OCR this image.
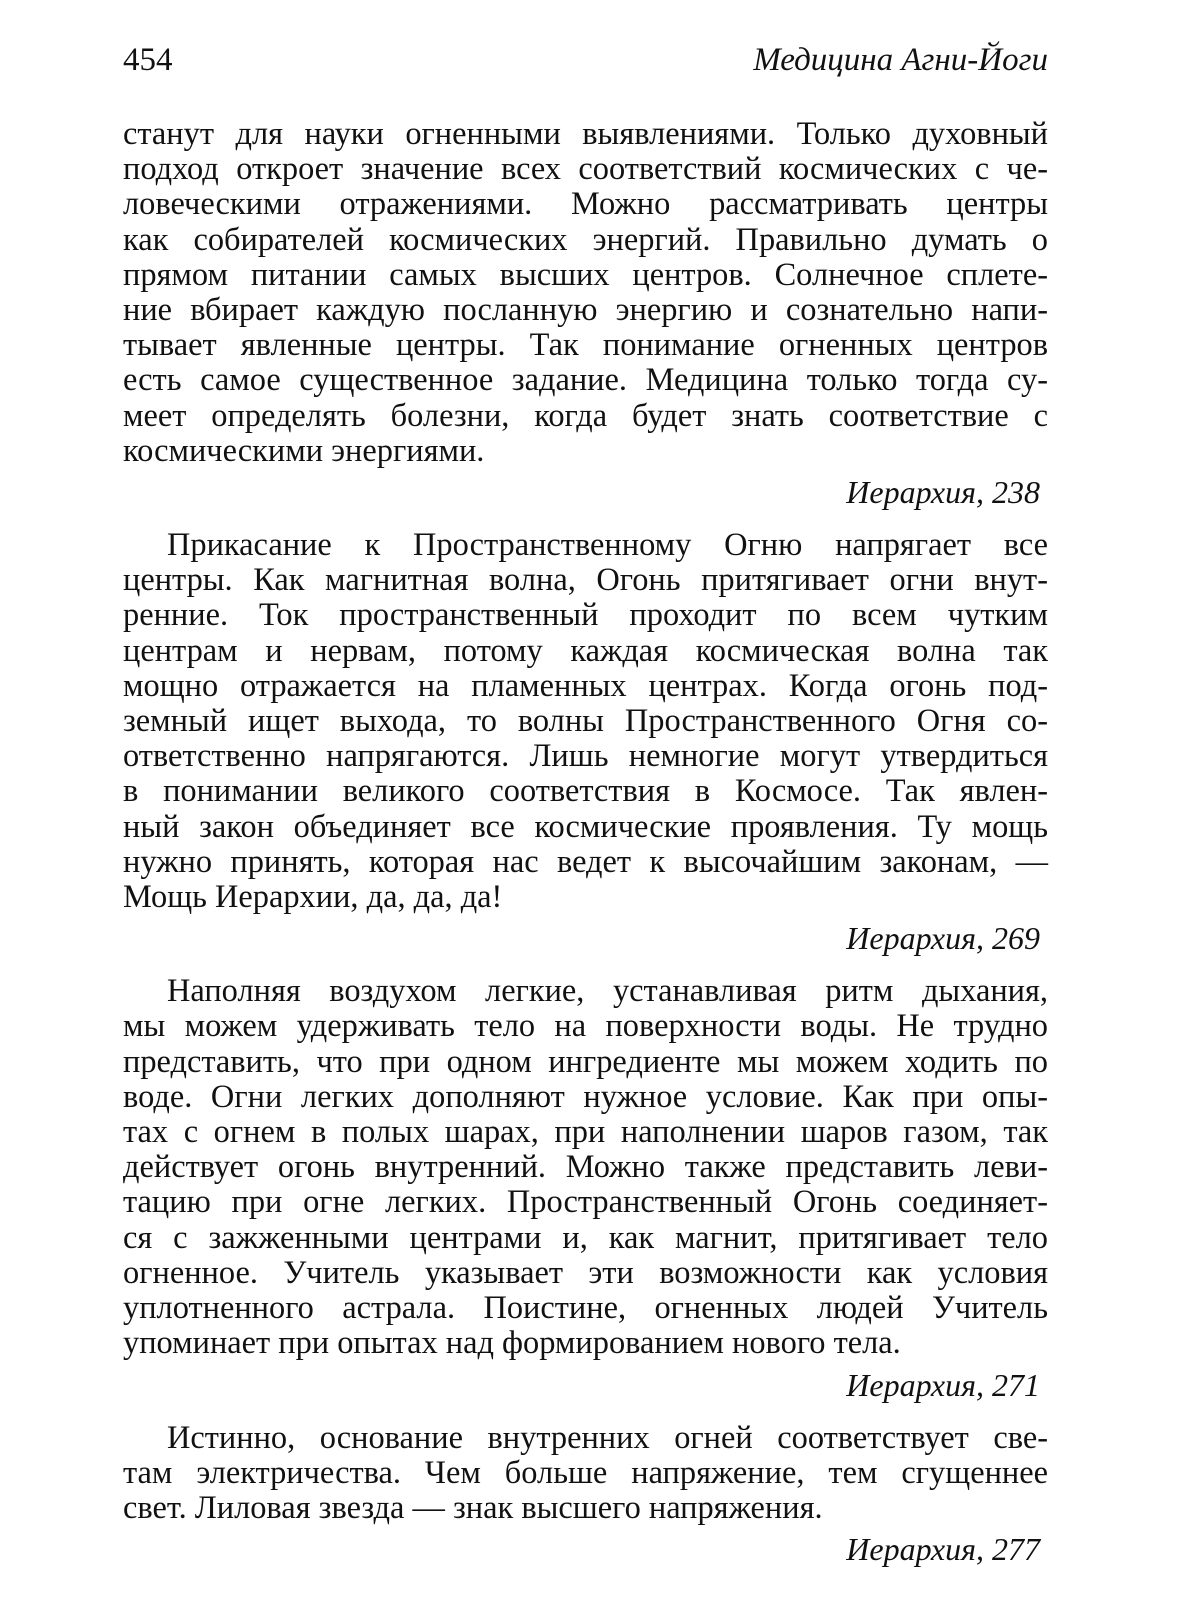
454	Медицина Агни-Йоги
станут для науки огненными выявлениями. Только духовный
подход откроет значение всех соответствий космических с че-
ловеческими отражениями. Можно рассматривать центры
как собирателей космических энергий. Правильно думать о
прямом питании самых высших центров. Солнечное сплете-
ние вбирает каждую посланную энергию и сознательно напи-
тывает явленные центры. Так понимание огненных центров
есть самое существенное задание. Медицина только тогда су-
меет определять болезни, когда будет знать соответствие с
космическими энергиями.
Иерархия, 238
Прикасание к Пространственному Огню напрягает все
центры. Как магнитная волна, Огонь притягивает огни внут-
ренние. Ток пространственный проходит по всем чутким
центрам и нервам, потому каждая космическая волна так
мощно отражается на пламенных центрах. Когда огонь под-
земный ищет выхода, то волны Пространственного Огня со-
ответственно напрягаются. Лишь немногие могут утвердиться
в понимании великого соответствия в Космосе. Так явлен-
ный закон объединяет все космические проявления. Ту мощь
нужно принять, которая нас ведет к высочайшим законам, —
Мощь Иерархии, да, да, да!
Иерархия, 269
Наполняя воздухом легкие, устанавливая ритм дыхания,
мы можем удерживать тело на поверхности воды. Не трудно
представить, что при одном ингредиенте мы можем ходить по
воде. Огни легких дополняют нужное условие. Как при опы-
тах с огнем в полых шарах, при наполнении шаров газом, так
действует огонь внутренний. Можно также представить леви-
тацию при огне легких. Пространственный Огонь соединяет-
ся с зажженными центрами и, как магнит, притягивает тело
огненное. Учитель указывает эти возможности как условия
уплотненного астрала. Поистине, огненных людей Учитель
упоминает при опытах над формированием нового тела.
Иерархия, 271
Истинно, основание внутренних огней соответствует све-
там электричества. Чем больше напряжение, тем сгущеннее
свет. Лиловая звезда — знак высшего напряжения.
Иерархия, 277
